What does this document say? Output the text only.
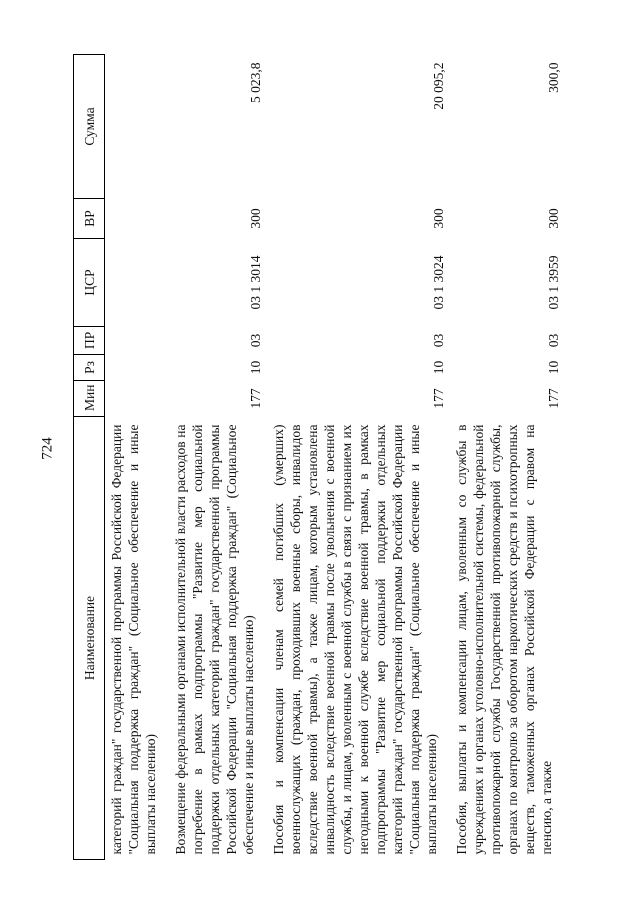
724
Наименование	Мин	Рз	ПР	ЦСР	ВР	Сумма
категорий граждан" государственной программы Российской Федерации "Социальная поддержка граждан" (Социальное обеспечение и иные выплаты населению)						
Возмещение федеральными органами исполнительной власти расходов на погребение в рамках подпрограммы "Развитие мер социальной поддержки отдельных категорий граждан" государственной программы Российской Федерации "Социальная поддержка граждан" (Социальное обеспечение и иные выплаты населению)	177	10	03	03 1 3014	300	5 023,8
Пособия и компенсации членам семей погибших (умерших) военнослужащих (граждан, проходивших военные сборы, инвалидов вследствие военной травмы), а также лицам, которым установлена инвалидность вследствие военной травмы после увольнения с военной службы, и лицам, уволенным с военной службы в связи с признанием их негодными к военной службе вследствие военной травмы, в рамках подпрограммы "Развитие мер социальной поддержки отдельных категорий граждан" государственной программы Российской Федерации "Социальная поддержка граждан" (Социальное обеспечение и иные выплаты населению)	177	10	03	03 1 3024	300	20 095,2
Пособия, выплаты и компенсации лицам, уволенным со службы в учреждениях и органах уголовно-исполнительной системы, федеральной противопожарной службы Государственной противопожарной службы, органах по контролю за оборотом наркотических средств и психотропных веществ, таможенных органах Российской Федерации с правом на пенсию, а также	177	10	03	03 1 3959	300	300,0
